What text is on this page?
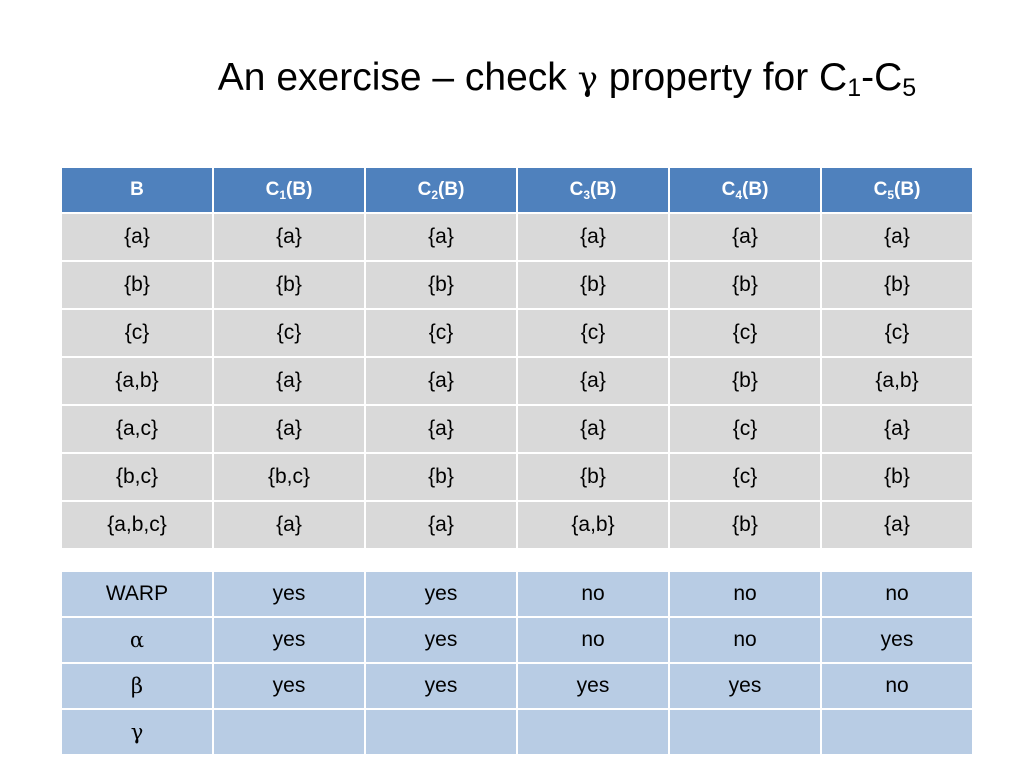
An exercise – check γ property for $C_1-C_5$
B	$C_1(B)$	$C_2(B)$	$C_3(B)$	$C_4(B)$	$C_5(B)$
{a}	{a}	{a}	{a}	{a}	{a}
{b}	{b}	{b}	{b}	{b}	{b}
{c}	{c}	{c}	{c}	{c}	{c}
{a,b}	{a}	{a}	{a}	{b}	{a,b}
{a,c}	{a}	{a}	{a}	{c}	{a}
{b,c}	{b,c}	{b}	{b}	{c}	{b}
{a,b,c}	{a}	{a}	{a,b}	{b}	{a}
WARP	yes	yes	no	no	no
α	yes	yes	no	no	yes
β	yes	yes	yes	yes	no
γ					
